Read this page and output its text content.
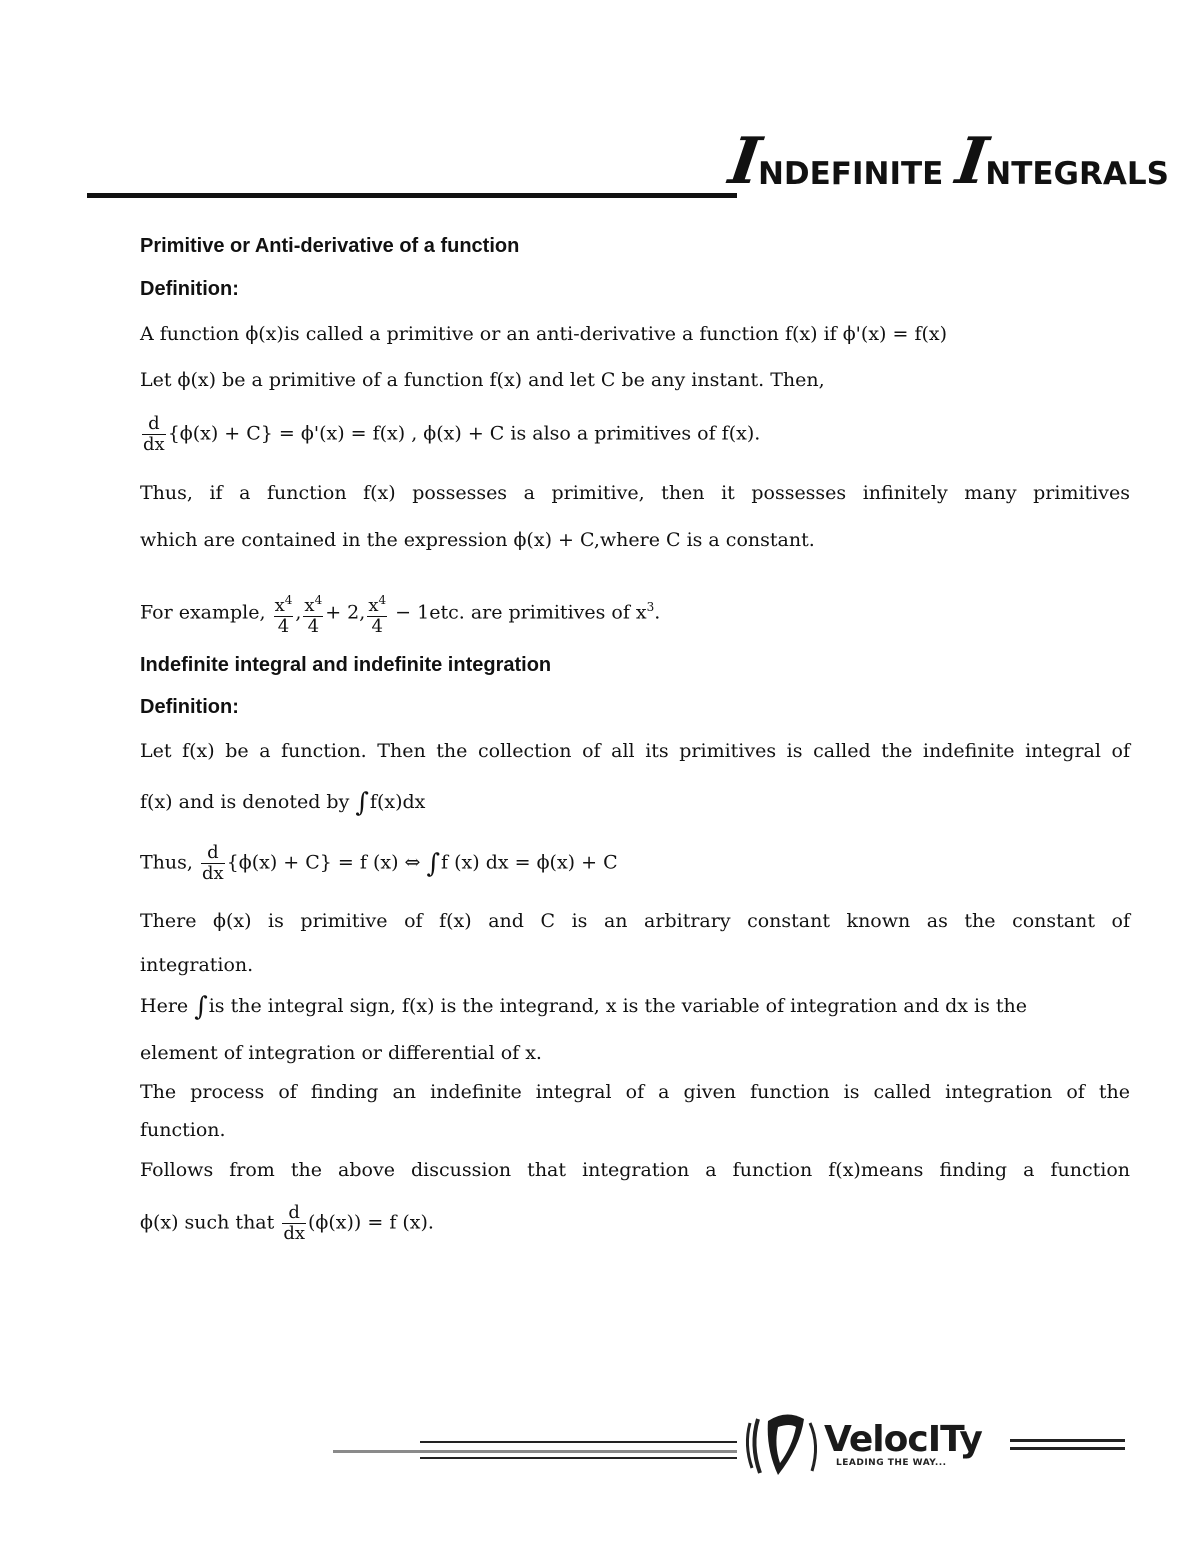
INDEFINITE INTEGRALS
Primitive or Anti-derivative of a function
Definition:
A function ϕ(x)is called a primitive or an anti-derivative a function f(x) if ϕ'(x) = f(x)
Let ϕ(x) be a primitive of a function f(x) and let C be any instant. Then,
$\frac{d}{dx} \{\phi(x) + C\} = \phi'(x) = f(x)$ , ϕ(x) + C is also a primitives of f(x).
Thus, if a function f(x) possesses a primitive, then it possesses infinitely many primitives
which are contained in the expression ϕ(x) + C,where C is a constant.
For example, $\frac{x^4}{4}$ , $\frac{x^4}{4} + 2$, $\frac{x^4}{4} - 1etc$. are primitives of $x^3$.
Indefinite integral and indefinite integration
Definition:
Let f(x) be a function. Then the collection of all its primitives is called the indefinite integral of
f(x) and is denoted by ∫f(x)dx
Thus, $\frac{d}{dx} \{\phi(x) + C\} = f$ (x) ⇔ ∫f (x) dx = ϕ(x) + C
There ϕ(x) is primitive of f(x) and C is an arbitrary constant known as the constant of
integration.
Here ∫is the integral sign, f(x) is the integrand, x is the variable of integration and dx is the
element of integration or differential of x.
The process of finding an indefinite integral of a given function is called integration of the
function.
Follows from the above discussion that integration a function f(x)means finding a function
ϕ(x) such that $\frac{d}{dx} (\phi(x)) = f$ (x).
VelocITy
LEADING THE WAY...
